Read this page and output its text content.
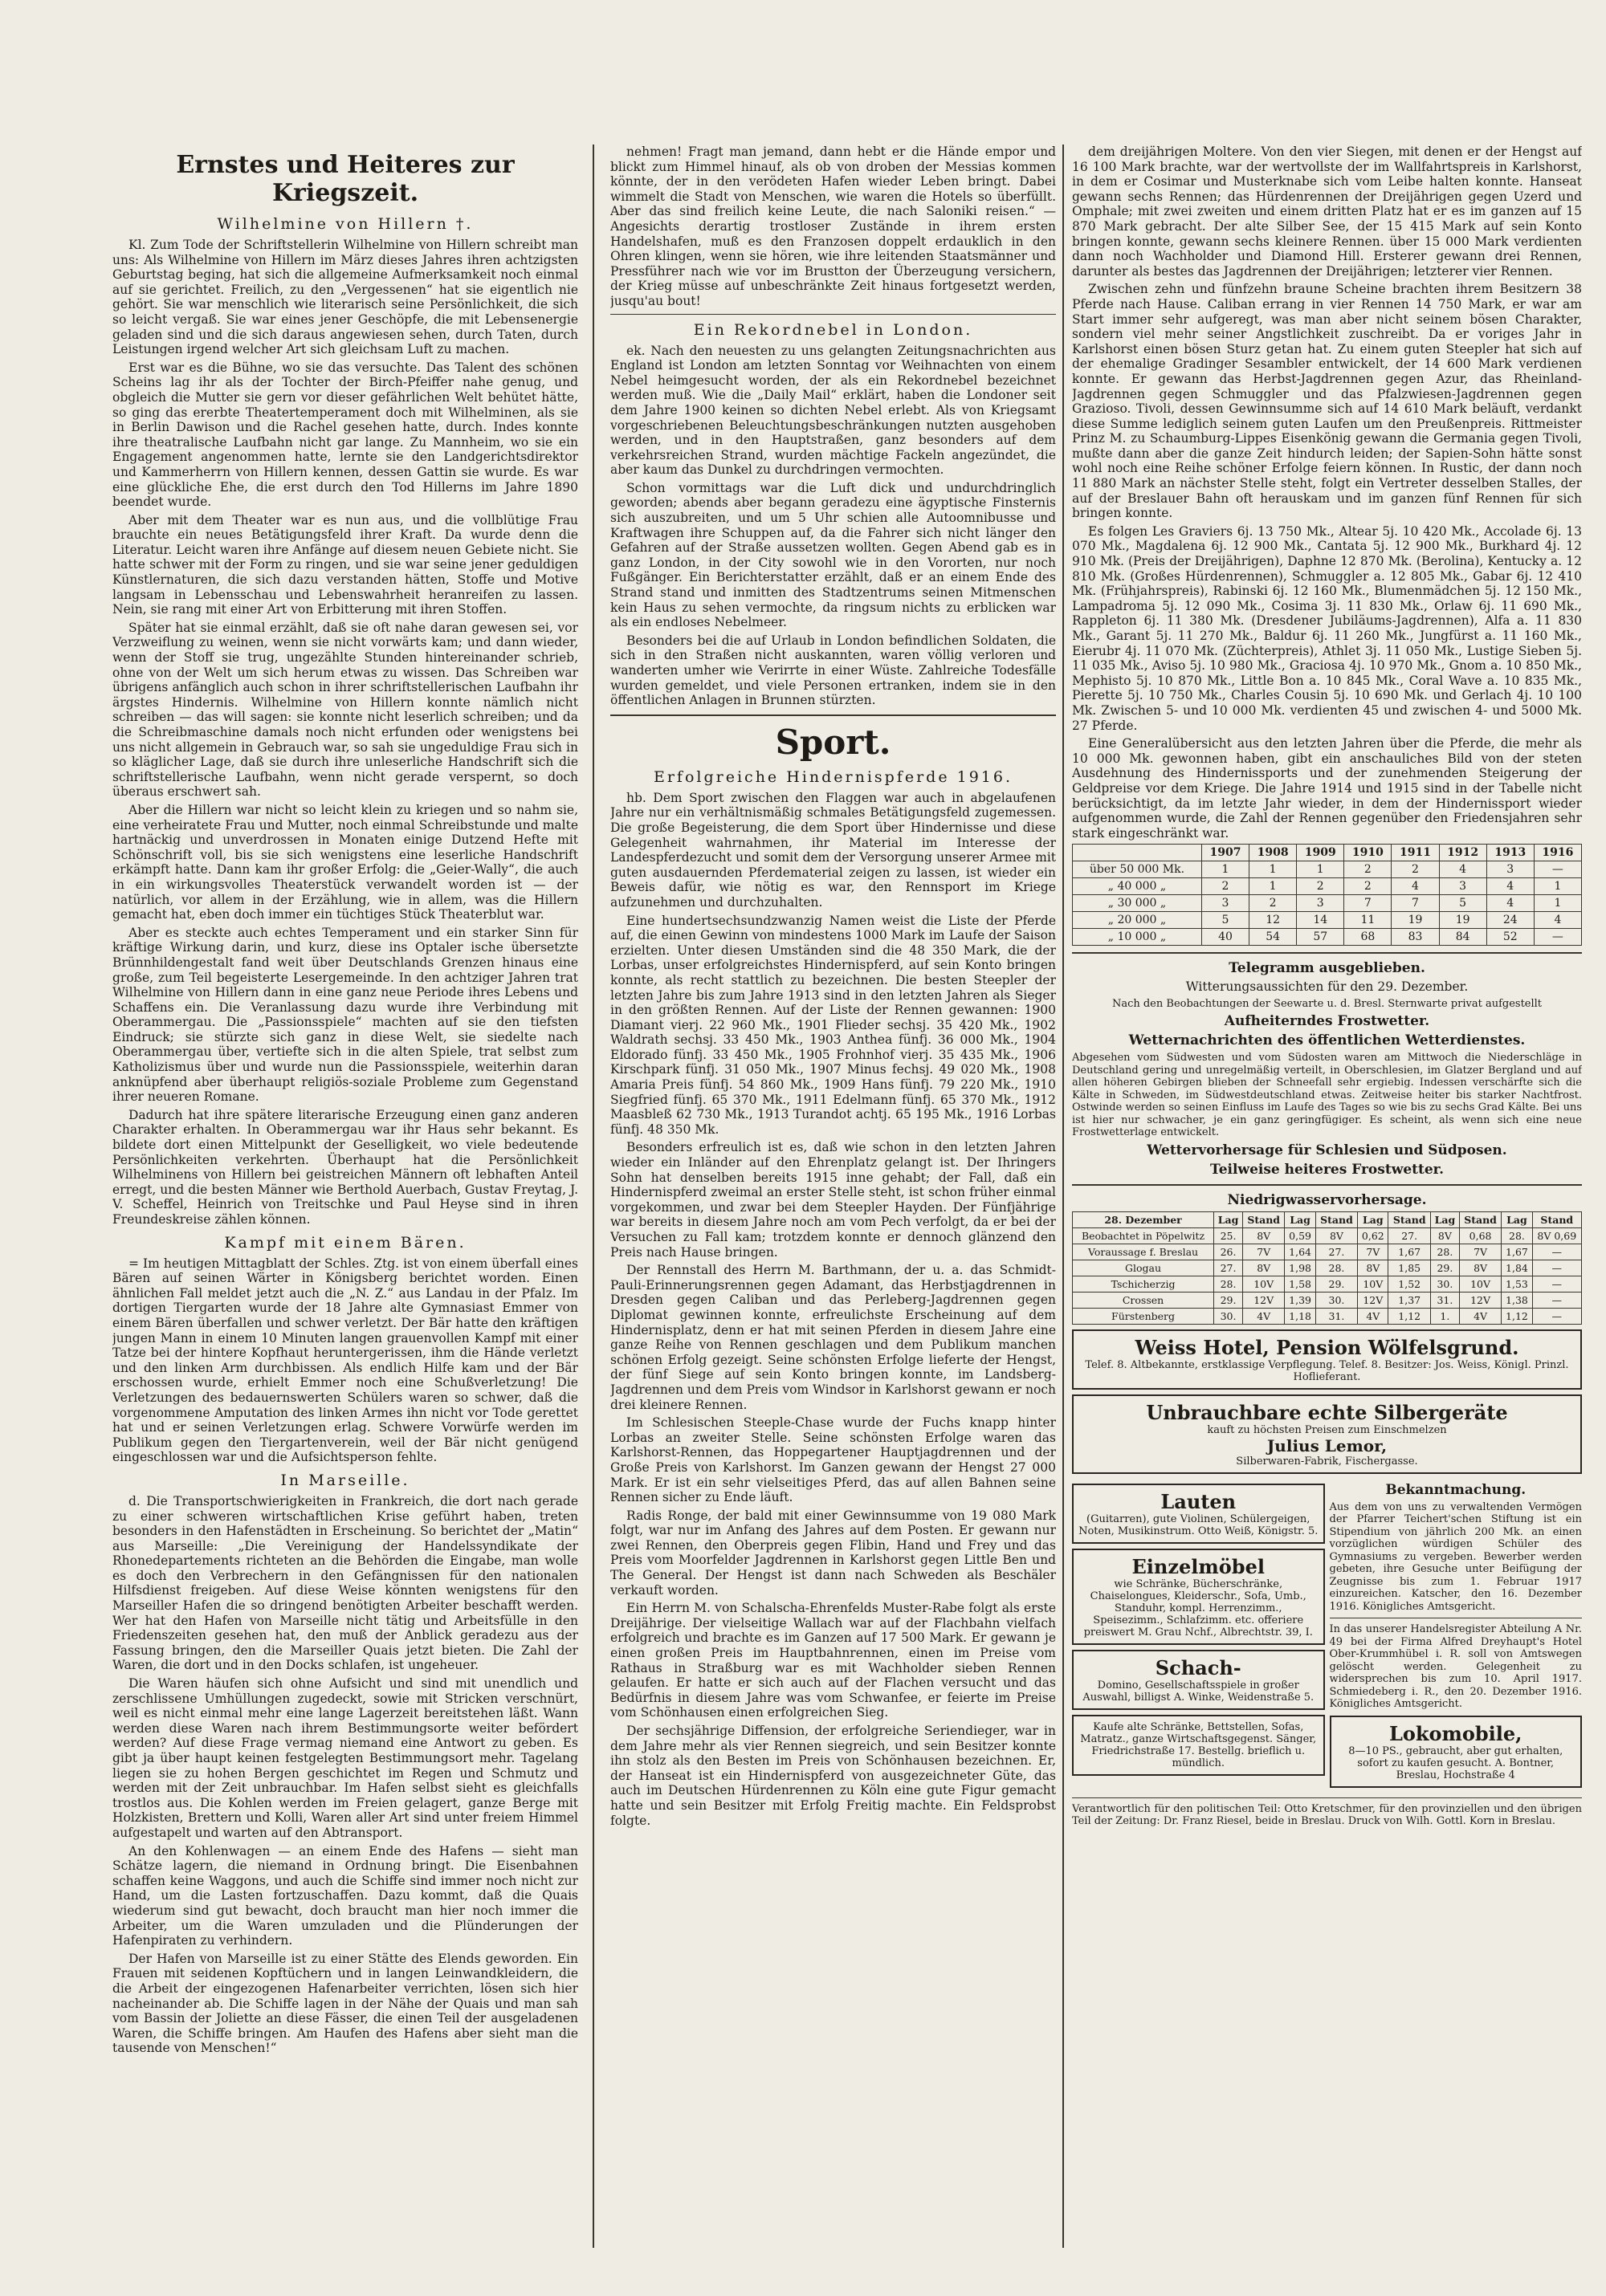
Ernstes und Heiteres zur Kriegszeit.
Wilhelmine von Hillern †.

Kl. Zum Tode der Schriftstellerin Wilhelmine von Hillern schreibt man uns: Als Wilhelmine von Hillern im März dieses Jahres ihren achtzigsten Geburtstag beging, hat sich die allgemeine Aufmerksamkeit noch einmal auf sie gerichtet. Freilich, zu den „Vergessenen“ hat sie eigentlich nie gehört. Sie war menschlich wie literarisch seine Persönlichkeit, die sich so leicht vergaß. Sie war eines jener Geschöpfe, die mit Lebensenergie geladen sind und die sich daraus angewiesen sehen, durch Taten, durch Leistungen irgend welcher Art sich gleichsam Luft zu machen.

Erst war es die Bühne, wo sie das versuchte. Das Talent des schönen Scheins lag ihr als der Tochter der Birch-Pfeiffer nahe genug, und obgleich die Mutter sie gern vor dieser gefährlichen Welt behütet hätte, so ging das ererbte Theatertemperament doch mit Wilhelminen, als sie in Berlin Dawison und die Rachel gesehen hatte, durch. Indes konnte ihre theatralische Laufbahn nicht gar lange. Zu Mannheim, wo sie ein Engagement angenommen hatte, lernte sie den Landgerichtsdirektor und Kammerherrn von Hillern kennen, dessen Gattin sie wurde. Es war eine glückliche Ehe, die erst durch den Tod Hillerns im Jahre 1890 beendet wurde.

Aber mit dem Theater war es nun aus, und die vollblütige Frau brauchte ein neues Betätigungsfeld ihrer Kraft. Da wurde denn die Literatur. Leicht waren ihre Anfänge auf diesem neuen Gebiete nicht. Sie hatte schwer mit der Form zu ringen, und sie war seine jener geduldigen Künstlernaturen, die sich dazu verstanden hätten, Stoffe und Motive langsam in Lebensschau und Lebenswahrheit heranreifen zu lassen. Nein, sie rang mit einer Art von Erbitterung mit ihren Stoffen.

Später hat sie einmal erzählt, daß sie oft nahe daran gewesen sei, vor Verzweiflung zu weinen, wenn sie nicht vorwärts kam; und dann wieder, wenn der Stoff sie trug, ungezählte Stunden hintereinander schrieb, ohne von der Welt um sich herum etwas zu wissen. Das Schreiben war übrigens anfänglich auch schon in ihrer schriftstellerischen Laufbahn ihr ärgstes Hindernis. Wilhelmine von Hillern konnte nämlich nicht schreiben — das will sagen: sie konnte nicht leserlich schreiben; und da die Schreibmaschine damals noch nicht erfunden oder wenigstens bei uns nicht allgemein in Gebrauch war, so sah sie ungeduldige Frau sich in so kläglicher Lage, daß sie durch ihre unleserliche Handschrift sich die schriftstellerische Laufbahn, wenn nicht gerade verspernt, so doch überaus erschwert sah.

Aber die Hillern war nicht so leicht klein zu kriegen und so nahm sie, eine verheiratete Frau und Mutter, noch einmal Schreibstunde und malte hartnäckig und unverdrossen in Monaten einige Dutzend Hefte mit Schönschrift voll, bis sie sich wenigstens eine leserliche Handschrift erkämpft hatte. Dann kam ihr großer Erfolg: die „Geier-Wally“, die auch in ein wirkungsvolles Theaterstück verwandelt worden ist — der natürlich, vor allem in der Erzählung, wie in allem, was die Hillern gemacht hat, eben doch immer ein tüchtiges Stück Theaterblut war.

Aber es steckte auch echtes Temperament und ein starker Sinn für kräftige Wirkung darin, und kurz, diese ins Optaler ische übersetzte Brünnhildengestalt fand weit über Deutschlands Grenzen hinaus eine große, zum Teil begeisterte Lesergemeinde. In den achtziger Jahren trat Wilhelmine von Hillern dann in eine ganz neue Periode ihres Lebens und Schaffens ein. Die Veranlassung dazu wurde ihre Verbindung mit Oberammergau. Die „Passionsspiele“ machten auf sie den tiefsten Eindruck; sie stürzte sich ganz in diese Welt, sie siedelte nach Oberammergau über, vertiefte sich in die alten Spiele, trat selbst zum Katholizismus über und wurde nun die Passionsspiele, weiterhin daran anknüpfend aber überhaupt religiös-soziale Probleme zum Gegenstand ihrer neueren Romane.

Dadurch hat ihre spätere literarische Erzeugung einen ganz anderen Charakter erhalten. In Oberammergau war ihr Haus sehr bekannt. Es bildete dort einen Mittelpunkt der Geselligkeit, wo viele bedeutende Persönlichkeiten verkehrten. Überhaupt hat die Persönlichkeit Wilhelminens von Hillern bei geistreichen Männern oft lebhaften Anteil erregt, und die besten Männer wie Berthold Auerbach, Gustav Freytag, J. V. Scheffel, Heinrich von Treitschke und Paul Heyse sind in ihren Freundeskreise zählen können.

Kampf mit einem Bären.

= Im heutigen Mittagblatt der Schles. Ztg. ist von einem überfall eines Bären auf seinen Wärter in Königsberg berichtet worden. Einen ähnlichen Fall meldet jetzt auch die „N. Z.“ aus Landau in der Pfalz. Im dortigen Tiergarten wurde der 18 Jahre alte Gymnasiast Emmer von einem Bären überfallen und schwer verletzt. Der Bär hatte den kräftigen jungen Mann in einem 10 Minuten langen grauenvollen Kampf mit einer Tatze bei der hintere Kopfhaut heruntergerissen, ihm die Hände verletzt und den linken Arm durchbissen. Als endlich Hilfe kam und der Bär erschossen wurde, erhielt Emmer noch eine Schußverletzung! Die Verletzungen des bedauernswerten Schülers waren so schwer, daß die vorgenommene Amputation des linken Armes ihn nicht vor Tode gerettet hat und er seinen Verletzungen erlag. Schwere Vorwürfe werden im Publikum gegen den Tiergartenverein, weil der Bär nicht genügend eingeschlossen war und die Aufsichtsperson fehlte.

In Marseille.

d. Die Transportschwierigkeiten in Frankreich, die dort nach gerade zu einer schweren wirtschaftlichen Krise geführt haben, treten besonders in den Hafenstädten in Erscheinung. So berichtet der „Matin“ aus Marseille: „Die Vereinigung der Handelssyndikate der Rhonedepartements richteten an die Behörden die Eingabe, man wolle es doch den Verbrechern in den Gefängnissen für den nationalen Hilfsdienst freigeben. Auf diese Weise könnten wenigstens für den Marseiller Hafen die so dringend benötigten Arbeiter beschafft werden. Wer hat den Hafen von Marseille nicht tätig und Arbeitsfülle in den Friedenszeiten gesehen hat, den muß der Anblick geradezu aus der Fassung bringen, den die Marseiller Quais jetzt bieten. Die Zahl der Waren, die dort und in den Docks schlafen, ist ungeheuer.

Die Waren häufen sich ohne Aufsicht und sind mit unendlich und zerschlissene Umhüllungen zugedeckt, sowie mit Stricken verschnürt, weil es nicht einmal mehr eine lange Lagerzeit bereitstehen läßt. Wann werden diese Waren nach ihrem Bestimmungsorte weiter befördert werden? Auf diese Frage vermag niemand eine Antwort zu geben. Es gibt ja über haupt keinen festgelegten Bestimmungsort mehr. Tagelang liegen sie zu hohen Bergen geschichtet im Regen und Schmutz und werden mit der Zeit unbrauchbar. Im Hafen selbst sieht es gleichfalls trostlos aus. Die Kohlen werden im Freien gelagert, ganze Berge mit Holzkisten, Brettern und Kolli, Waren aller Art sind unter freiem Himmel aufgestapelt und warten auf den Abtransport.

An den Kohlenwagen — an einem Ende des Hafens — sieht man Schätze lagern, die niemand in Ordnung bringt. Die Eisenbahnen schaffen keine Waggons, und auch die Schiffe sind immer noch nicht zur Hand, um die Lasten fortzuschaffen. Dazu kommt, daß die Quais wiederum sind gut bewacht, doch braucht man hier noch immer die Arbeiter, um die Waren umzuladen und die Plünderungen der Hafenpiraten zu verhindern.

Der Hafen von Marseille ist zu einer Stätte des Elends geworden. Ein Frauen mit seidenen Kopftüchern und in langen Leinwandkleidern, die die Arbeit der eingezogenen Hafenarbeiter verrichten, lösen sich hier nacheinander ab. Die Schiffe lagen in der Nähe der Quais und man sah vom Bassin der Joliette an diese Fässer, die einen Teil der ausgeladenen Waren, die Schiffe bringen. Am Haufen des Hafens aber sieht man die tausende von Menschen!“

nehmen! Fragt man jemand, dann hebt er die Hände empor und blickt zum Himmel hinauf, als ob von droben der Messias kommen könnte, der in den verödeten Hafen wieder Leben bringt. Dabei wimmelt die Stadt von Menschen, wie waren die Hotels so überfüllt. Aber das sind freilich keine Leute, die nach Saloniki reisen.“ — Angesichts derartig trostloser Zustände in ihrem ersten Handelshafen, muß es den Franzosen doppelt erdauklich in den Ohren klingen, wenn sie hören, wie ihre leitenden Staatsmänner und Pressführer nach wie vor im Brustton der Überzeugung versichern, der Krieg müsse auf unbeschränkte Zeit hinaus fortgesetzt werden, jusqu'au bout!

Ein Rekordnebel in London.

ek. Nach den neuesten zu uns gelangten Zeitungsnachrichten aus England ist London am letzten Sonntag vor Weihnachten von einem Nebel heimgesucht worden, der als ein Rekordnebel bezeichnet werden muß. Wie die „Daily Mail“ erklärt, haben die Londoner seit dem Jahre 1900 keinen so dichten Nebel erlebt. Als von Kriegsamt vorgeschriebenen Beleuchtungsbeschränkungen nutzten ausgehoben werden, und in den Hauptstraßen, ganz besonders auf dem verkehrsreichen Strand, wurden mächtige Fackeln angezündet, die aber kaum das Dunkel zu durchdringen vermochten.

Schon vormittags war die Luft dick und undurchdringlich geworden; abends aber begann geradezu eine ägyptische Finsternis sich auszubreiten, und um 5 Uhr schien alle Autoomnibusse und Kraftwagen ihre Schuppen auf, da die Fahrer sich nicht länger den Gefahren auf der Straße aussetzen wollten. Gegen Abend gab es in ganz London, in der City sowohl wie in den Vororten, nur noch Fußgänger. Ein Berichterstatter erzählt, daß er an einem Ende des Strand stand und inmitten des Stadtzentrums seinen Mitmenschen kein Haus zu sehen vermochte, da ringsum nichts zu erblicken war als ein endloses Nebelmeer.

Besonders bei die auf Urlaub in London befindlichen Soldaten, die sich in den Straßen nicht auskannten, waren völlig verloren und wanderten umher wie Verirrte in einer Wüste. Zahlreiche Todesfälle wurden gemeldet, und viele Personen ertranken, indem sie in den öffentlichen Anlagen in Brunnen stürzten.

Sport.
Erfolgreiche Hindernispferde 1916.

hb. Dem Sport zwischen den Flaggen war auch in abgelaufenen Jahre nur ein verhältnismäßig schmales Betätigungsfeld zugemessen. Die große Begeisterung, die dem Sport über Hindernisse und diese Gelegenheit wahrnahmen, ihr Material im Interesse der Landespferdezucht und somit dem der Versorgung unserer Armee mit guten ausdauernden Pferdematerial zeigen zu lassen, ist wieder ein Beweis dafür, wie nötig es war, den Rennsport im Kriege aufzunehmen und durchzuhalten.

Eine hundertsechsundzwanzig Namen weist die Liste der Pferde auf, die einen Gewinn von mindestens 1000 Mark im Laufe der Saison erzielten. Unter diesen Umständen sind die 48 350 Mark, die der Lorbas, unser erfolgreichstes Hindernispferd, auf sein Konto bringen konnte, als recht stattlich zu bezeichnen. Die besten Steepler der letzten Jahre bis zum Jahre 1913 sind in den letzten Jahren als Sieger in den größten Rennen. Auf der Liste der Rennen gewannen: 1900 Diamant vierj. 22 960 Mk., 1901 Flieder sechsj. 35 420 Mk., 1902 Waldrath sechsj. 33 450 Mk., 1903 Anthea fünfj. 36 000 Mk., 1904 Eldorado fünfj. 33 450 Mk., 1905 Frohnhof vierj. 35 435 Mk., 1906 Kirschpark fünfj. 31 050 Mk., 1907 Minus fechsj. 49 020 Mk., 1908 Amaria Preis fünfj. 54 860 Mk., 1909 Hans fünfj. 79 220 Mk., 1910 Siegfried fünfj. 65 370 Mk., 1911 Edelmann fünfj. 65 370 Mk., 1912 Maasbleß 62 730 Mk., 1913 Turandot achtj. 65 195 Mk., 1916 Lorbas fünfj. 48 350 Mk.

Besonders erfreulich ist es, daß wie schon in den letzten Jahren wieder ein Inländer auf den Ehrenplatz gelangt ist. Der Ihringers Sohn hat denselben bereits 1915 inne gehabt; der Fall, daß ein Hindernispferd zweimal an erster Stelle steht, ist schon früher einmal vorgekommen, und zwar bei dem Steepler Hayden. Der Fünfjährige war bereits in diesem Jahre noch am vom Pech verfolgt, da er bei der Versuchen zu Fall kam; trotzdem konnte er dennoch glänzend den Preis nach Hause bringen.

Der Rennstall des Herrn M. Barthmann, der u. a. das Schmidt-Pauli-Erinnerungsrennen gegen Adamant, das Herbstjagdrennen in Dresden gegen Caliban und das Perleberg-Jagdrennen gegen Diplomat gewinnen konnte, erfreulichste Erscheinung auf dem Hindernisplatz, denn er hat mit seinen Pferden in diesem Jahre eine ganze Reihe von Rennen geschlagen und dem Publikum manchen schönen Erfolg gezeigt. Seine schönsten Erfolge lieferte der Hengst, der fünf Siege auf sein Konto bringen konnte, im Landsberg-Jagdrennen und dem Preis vom Windsor in Karlshorst gewann er noch drei kleinere Rennen.

Im Schlesischen Steeple-Chase wurde der Fuchs knapp hinter Lorbas an zweiter Stelle. Seine schönsten Erfolge waren das Karlshorst-Rennen, das Hoppegartener Hauptjagdrennen und der Große Preis von Karlshorst. Im Ganzen gewann der Hengst 27 000 Mark. Er ist ein sehr vielseitiges Pferd, das auf allen Bahnen seine Rennen sicher zu Ende läuft.

Radis Ronge, der bald mit einer Gewinnsumme von 19 080 Mark folgt, war nur im Anfang des Jahres auf dem Posten. Er gewann nur zwei Rennen, den Oberpreis gegen Flibin, Hand und Frey und das Preis vom Moorfelder Jagdrennen in Karlshorst gegen Little Ben und The General. Der Hengst ist dann nach Schweden als Beschäler verkauft worden.

Ein Herrn M. von Schalscha-Ehrenfelds Muster-Rabe folgt als erste Dreijährige. Der vielseitige Wallach war auf der Flachbahn vielfach erfolgreich und brachte es im Ganzen auf 17 500 Mark. Er gewann je einen großen Preis im Hauptbahnrennen, einen im Preise vom Rathaus in Straßburg war es mit Wachholder sieben Rennen gelaufen. Er hatte er sich auch auf der Flachen versucht und das Bedürfnis in diesem Jahre was vom Schwanfee, er feierte im Preise vom Schönhausen einen erfolgreichen Sieg.

Der sechsjährige Diffension, der erfolgreiche Seriendieger, war in dem Jahre mehr als vier Rennen siegreich, und sein Besitzer konnte ihn stolz als den Besten im Preis von Schönhausen bezeichnen. Er, der Hanseat ist ein Hindernispferd von ausgezeichneter Güte, das auch im Deutschen Hürdenrennen zu Köln eine gute Figur gemacht hatte und sein Besitzer mit Erfolg Freitig machte. Ein Feldsprobst folgte.

dem dreijährigen Moltere. Von den vier Siegen, mit denen er der Hengst auf 16 100 Mark brachte, war der wertvollste der im Wallfahrtspreis in Karlshorst, in dem er Cosimar und Musterknabe sich vom Leibe halten konnte. Hanseat gewann sechs Rennen; das Hürdenrennen der Dreijährigen gegen Uzerd und Omphale; mit zwei zweiten und einem dritten Platz hat er es im ganzen auf 15 870 Mark gebracht. Der alte Silber See, der 15 415 Mark auf sein Konto bringen konnte, gewann sechs kleinere Rennen. über 15 000 Mark verdienten dann noch Wachholder und Diamond Hill. Ersterer gewann drei Rennen, darunter als bestes das Jagdrennen der Dreijährigen; letzterer vier Rennen.

Zwischen zehn und fünfzehn braune Scheine brachten ihrem Besitzern 38 Pferde nach Hause. Caliban errang in vier Rennen 14 750 Mark, er war am Start immer sehr aufgeregt, was man aber nicht seinem bösen Charakter, sondern viel mehr seiner Angstlichkeit zuschreibt. Da er voriges Jahr in Karlshorst einen bösen Sturz getan hat. Zu einem guten Steepler hat sich auf der ehemalige Gradinger Sesambler entwickelt, der 14 600 Mark verdienen konnte. Er gewann das Herbst-Jagdrennen gegen Azur, das Rheinland-Jagdrennen gegen Schmuggler und das Pfalzwiesen-Jagdrennen gegen Grazioso. Tivoli, dessen Gewinnsumme sich auf 14 610 Mark beläuft, verdankt diese Summe lediglich seinem guten Laufen um den Preußenpreis. Rittmeister Prinz M. zu Schaumburg-Lippes Eisenkönig gewann die Germania gegen Tivoli, mußte dann aber die ganze Zeit hindurch leiden; der Sapien-Sohn hätte sonst wohl noch eine Reihe schöner Erfolge feiern können. In Rustic, der dann noch 11 880 Mark an nächster Stelle steht, folgt ein Vertreter desselben Stalles, der auf der Breslauer Bahn oft herauskam und im ganzen fünf Rennen für sich bringen konnte.

Es folgen Les Graviers 6j. 13 750 Mk., Altear 5j. 10 420 Mk., Accolade 6j. 13 070 Mk., Magdalena 6j. 12 900 Mk., Cantata 5j. 12 900 Mk., Burkhard 4j. 12 910 Mk. (Preis der Dreijährigen), Daphne 12 870 Mk. (Berolina), Kentucky a. 12 810 Mk. (Großes Hürdenrennen), Schmuggler a. 12 805 Mk., Gabar 6j. 12 410 Mk. (Frühjahrspreis), Rabinski 6j. 12 160 Mk., Blumenmädchen 5j. 12 150 Mk., Lampadroma 5j. 12 090 Mk., Cosima 3j. 11 830 Mk., Orlaw 6j. 11 690 Mk., Rappleton 6j. 11 380 Mk. (Dresdener Jubiläums-Jagdrennen), Alfa a. 11 830 Mk., Garant 5j. 11 270 Mk., Baldur 6j. 11 260 Mk., Jungfürst a. 11 160 Mk., Eierubr 4j. 11 070 Mk. (Züchterpreis), Athlet 3j. 11 050 Mk., Lustige Sieben 5j. 11 035 Mk., Aviso 5j. 10 980 Mk., Graciosa 4j. 10 970 Mk., Gnom a. 10 850 Mk., Mephisto 5j. 10 870 Mk., Little Bon a. 10 845 Mk., Coral Wave a. 10 835 Mk., Pierette 5j. 10 750 Mk., Charles Cousin 5j. 10 690 Mk. und Gerlach 4j. 10 100 Mk. Zwischen 5- und 10 000 Mk. verdienten 45 und zwischen 4- und 5000 Mk. 27 Pferde.

Eine Generalübersicht aus den letzten Jahren über die Pferde, die mehr als 10 000 Mk. gewonnen haben, gibt ein anschauliches Bild von der steten Ausdehnung des Hindernissports und der zunehmenden Steigerung der Geldpreise vor dem Kriege. Die Jahre 1914 und 1915 sind in der Tabelle nicht berücksichtigt, da im letzte Jahr wieder, in dem der Hindernissport wieder aufgenommen wurde, die Zahl der Rennen gegenüber den Friedensjahren sehr stark eingeschränkt war.

	1907	1908	1909	1910	1911	1912	1913	1916
über 50 000 Mk.	1	1	1	2	2	4	3	—
„ 40 000 „	2	1	2	2	4	3	4	1
„ 30 000 „	3	2	3	7	7	5	4	1
„ 20 000 „	5	12	14	11	19	19	24	4
„ 10 000 „	40	54	57	68	83	84	52	—
Telegramm ausgeblieben.

Witterungsaussichten für den 29. Dezember.

Nach den Beobachtungen der Seewarte u. d. Bresl. Sternwarte privat aufgestellt

Aufheiterndes Frostwetter.
Wetternachrichten des öffentlichen Wetterdienstes.

Abgesehen vom Südwesten und vom Südosten waren am Mittwoch die Niederschläge in Deutschland gering und unregelmäßig verteilt, in Oberschlesien, im Glatzer Bergland und auf allen höheren Gebirgen blieben der Schneefall sehr ergiebig. Indessen verschärfte sich die Kälte in Schweden, im Südwestdeutschland etwas. Zeitweise heiter bis starker Nachtfrost. Ostwinde werden so seinen Einfluss im Laufe des Tages so wie bis zu sechs Grad Kälte. Bei uns ist hier nur schwacher, je ein ganz geringfügiger. Es scheint, als wenn sich eine neue Frostwetterlage entwickelt.

Wettervorhersage für Schlesien und Südposen.
Teilweise heiteres Frostwetter.
Niedrigwasservorhersage.
28. Dezember	Lag	Stand	Lag	Stand	Lag	Stand	Lag	Stand	Lag	Stand
Beobachtet in Pöpelwitz	25.	8V	0,59	8V	0,62	27.	8V	0,68	28.	8V 0,69
Voraussage f. Breslau	26.	7V	1,64	27.	7V	1,67	28.	7V	1,67	—
Glogau	27.	8V	1,98	28.	8V	1,85	29.	8V	1,84	—
Tschicherzig	28.	10V	1,58	29.	10V	1,52	30.	10V	1,53	—
Crossen	29.	12V	1,39	30.	12V	1,37	31.	12V	1,38	—
Fürstenberg	30.	4V	1,18	31.	4V	1,12	1.	4V	1,12	—
Weiss Hotel, Pension Wölfelsgrund.
Telef. 8. Altbekannte, erstklassige Verpflegung. Telef. 8. Besitzer: Jos. Weiss, Königl. Prinzl. Hoflieferant.
Unbrauchbare echte Silbergeräte
kauft zu höchsten Preisen zum Einschmelzen
Julius Lemor,
Silberwaren-Fabrik, Fischergasse.
Lauten
(Guitarren), gute Violinen, Schülergeigen, Noten, Musikinstrum. Otto Weiß, Königstr. 5.
Einzelmöbel
wie Schränke, Bücherschränke, Chaiselongues, Kleiderschr., Sofa, Umb., Standuhr, kompl. Herrenzimm., Speisezimm., Schlafzimm. etc. offeriere preiswert M. Grau Nchf., Albrechtstr. 39, I.
Schach-
Domino, Gesellschaftsspiele in großer Auswahl, billigst A. Winke, Weidenstraße 5.
Kaufe alte Schränke, Bettstellen, Sofas, Matratz., ganze Wirtschaftsgegenst. Sänger, Friedrichstraße 17. Bestellg. brieflich u. mündlich.
Bekanntmachung.

Aus dem von uns zu verwaltenden Vermögen der Pfarrer Teichert'schen Stiftung ist ein Stipendium von jährlich 200 Mk. an einen vorzüglichen würdigen Schüler des Gymnasiums zu vergeben. Bewerber werden gebeten, ihre Gesuche unter Beifügung der Zeugnisse bis zum 1. Februar 1917 einzureichen. Katscher, den 16. Dezember 1916. Königliches Amtsgericht.

In das unserer Handelsregister Abteilung A Nr. 49 bei der Firma Alfred Dreyhaupt's Hotel Ober-Krummhübel i. R. soll von Amtswegen gelöscht werden. Gelegenheit zu widersprechen bis zum 10. April 1917. Schmiedeberg i. R., den 20. Dezember 1916. Königliches Amtsgericht.

Lokomobile,
8—10 PS., gebraucht, aber gut erhalten, sofort zu kaufen gesucht. A. Bontner, Breslau, Hochstraße 4

Verantwortlich für den politischen Teil: Otto Kretschmer, für den provinziellen und den übrigen Teil der Zeitung: Dr. Franz Riesel, beide in Breslau. Druck von Wilh. Gottl. Korn in Breslau.
